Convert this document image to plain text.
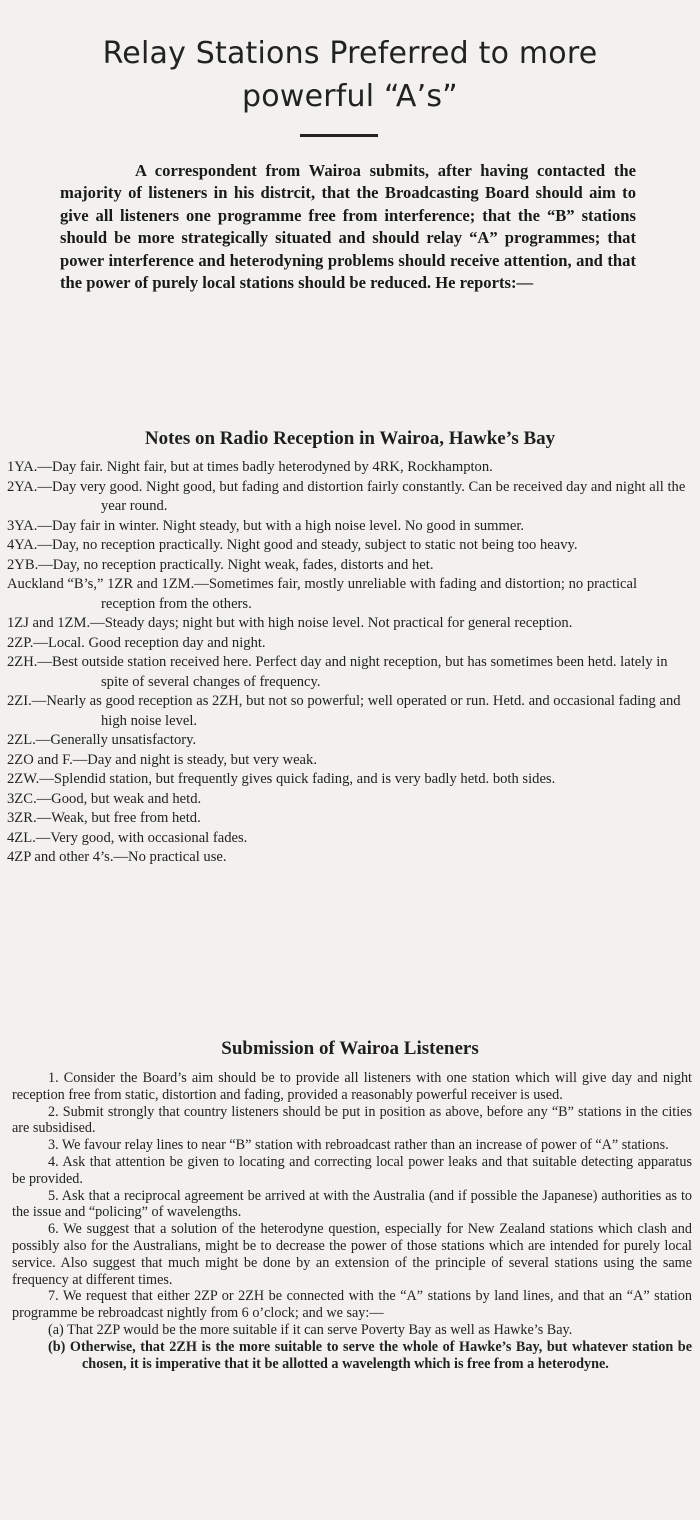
Relay Stations Preferred to more
powerful “A’s”

A correspondent from Wairoa submits, after having contacted the majority of listeners in his distrcit, that the Broadcasting Board should aim to give all listeners one programme free from interference; that the “B” stations should be more strategically situated and should relay “A” programmes; that power interference and heterodyning problems should receive attention, and that the power of purely local stations should be reduced. He reports:—

Notes on Radio Reception in Wairoa, Hawke’s Bay
1YA.—Day fair. Night fair, but at times badly heterodyned by 4RK, Rockhampton.
2YA.—Day very good. Night good, but fading and distortion fairly constantly. Can be received day and night all the year round.
3YA.—Day fair in winter. Night steady, but with a high noise level. No good in summer.
4YA.—Day, no reception practically. Night good and steady, subject to static not being too heavy.
2YB.—Day, no reception practically. Night weak, fades, distorts and het.
Auckland “B’s,” 1ZR and 1ZM.—Sometimes fair, mostly unreliable with fading and distortion; no practical reception from the others.
1ZJ and 1ZM.—Steady days; night but with high noise level. Not practical for general reception.
2ZP.—Local. Good reception day and night.
2ZH.—Best outside station received here. Perfect day and night reception, but has sometimes been hetd. lately in spite of several changes of frequency.
2ZI.—Nearly as good reception as 2ZH, but not so powerful; well operated or run. Hetd. and occasional fading and high noise level.
2ZL.—Generally unsatisfactory.
2ZO and F.—Day and night is steady, but very weak.
2ZW.—Splendid station, but frequently gives quick fading, and is very badly hetd. both sides.
3ZC.—Good, but weak and hetd.
3ZR.—Weak, but free from hetd.
4ZL.—Very good, with occasional fades.
4ZP and other 4’s.—No practical use.
Submission of Wairoa Listeners

1. Consider the Board’s aim should be to provide all listeners with one station which will give day and night reception free from static, distortion and fading, provided a reasonably powerful receiver is used.

2. Submit strongly that country listeners should be put in position as above, before any “B” stations in the cities are subsidised.

3. We favour relay lines to near “B” station with rebroadcast rather than an increase of power of “A” stations.

4. Ask that attention be given to locating and correcting local power leaks and that suitable detecting apparatus be provided.

5. Ask that a reciprocal agreement be arrived at with the Australia (and if possible the Japanese) authorities as to the issue and “policing” of wavelengths.

6. We suggest that a solution of the heterodyne question, especially for New Zealand stations which clash and possibly also for the Australians, might be to decrease the power of those stations which are intended for purely local service. Also suggest that much might be done by an extension of the principle of several stations using the same frequency at different times.

7. We request that either 2ZP or 2ZH be connected with the “A” stations by land lines, and that an “A” station programme be rebroadcast nightly from 6 o’clock; and we say:—

(a) That 2ZP would be the more suitable if it can serve Poverty Bay as well as Hawke’s Bay.

(b) Otherwise, that 2ZH is the more suitable to serve the whole of Hawke’s Bay, but whatever station be chosen, it is imperative that it be allotted a wavelength which is free from a heterodyne.
